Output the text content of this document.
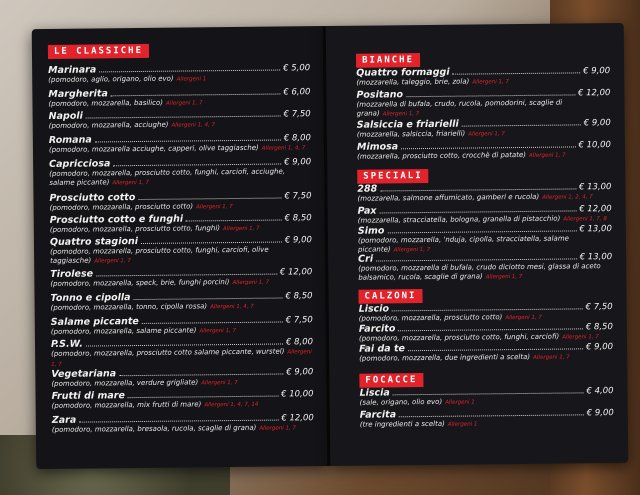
LE CLASSICHE
Marinara	€ 5,00
(pomodoro, aglio, origano, olio evo) Allergeni 1
Margherita	€ 6,00
(pomodoro, mozzarella, basilico) Allergeni 1, 7
Napoli	€ 7,50
(pomodoro, mozzarella, acciughe) Allergeni 1, 4, 7
Romana	€ 8,00
(pomodoro, mozzarella acciughe, capperi, olive taggiasche) Allergeni 1, 4, 7
Capricciosa	€ 9,00
(pomodoro, mozzarella, prosciutto cotto, funghi, carciofi, acciughe, salame piccante) Allergeni 1, 7
Prosciutto cotto	€ 7,50
(pomodoro, mozzarella, prosciutto cotto) Allergeni 1, 7
Prosciutto cotto e funghi	€ 8,50
(pomodoro, mozzarella, prosciutto cotto, funghi) Allergeni 1, 7
Quattro stagioni	€ 9,00
(pomodoro, mozzarella, prosciutto cotto, funghi, carciofi, olive taggiasche) Allergeni 1, 7
Tirolese	€ 12,00
(pomodoro, mozzarella, speck, brie, funghi porcini) Allergeni 1, 7
Tonno e cipolla	€ 8,50
(pomodoro, mozzarella, tonno, cipolla rossa) Allergeni 1, 4, 7
Salame piccante	€ 7,50
(pomodoro, mozzarella, salame piccante) Allergeni 1, 7
P.S.W.	€ 8,00
(pomodoro, mozzarella, prosciutto cotto salame piccante, wurstel) Allergeni 1, 7
Vegetariana	€ 9,00
(pomodoro, mozzarella, verdure grigliate) Allergeni 1, 7
Frutti di mare	€ 10,00
(pomodoro, mozzarella, mix frutti di mare) Allergeni 1, 4, 7, 14
Zara	€ 12,00
(pomodoro, mozzarella, bresaola, rucola, scaglie di grana) Allergeni 1, 7
BIANCHE
Quattro formaggi	€ 9,00
(mozzarella, taleggio, brie, zola) Allergeni 1, 7
Positano	€ 12,00
(mozzarella di bufala, crudo, rucola, pomodorini, scaglie di grana) Allergeni 1, 7
Salsiccia e friarielli	€ 9,00
(mozzarella, salsiccia, friarielli) Allergeni 1, 7
Mimosa	€ 10,00
(mozzarella, prosciutto cotto, crocchè di patate) Allergeni 1, 7
SPECIALI
288	€ 13,00
(mozzarella, salmone affumicato, gamberi e rucola) Allergeni 1, 2, 4, 7
Pax	€ 12,00
(mozzarella, stracciatella, bologna, granella di pistacchio) Allergeni 1, 7, 8
Simo	€ 13,00
(pomodoro, mozzarella, 'nduja, cipolla, stracciatella, salame piccante) Allergeni 1, 7
Cri	€ 13,00
(pomodoro, mozzarella di bufala, crudo diciotto mesi, glassa di aceto balsamico, rucola, scaglie di grana) Allergeni 1, 7
CALZONI
Liscio	€ 7,50
(pomodoro, mozzarella, prosciutto cotto) Allergeni 1, 7
Farcito	€ 8,50
(pomodoro, mozzarella, prosciutto cotto, funghi, carciofi) Allergeni 1, 7
Fai da te	€ 9,00
(pomodoro, mozzarella, due ingredienti a scelta) Allergeni 1, 7
FOCACCE
Liscia	€ 4,00
(sale, origano, olio evo) Allergeni 1
Farcita	€ 9,00
(tre ingredienti a scelta) Allergeni 1
